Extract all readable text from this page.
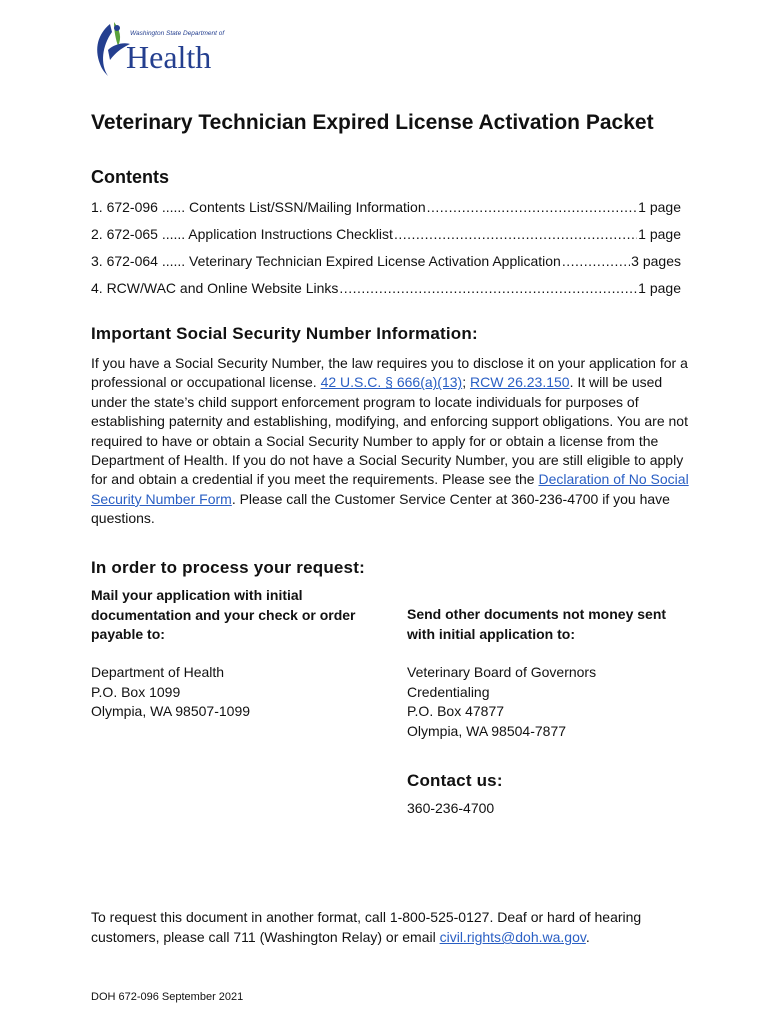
Washington State Department of
Health
Veterinary Technician Expired License Activation Packet
Contents
1. 672-096 ...... Contents List/SSN/Mailing Information .....	1 page
2. 672-065 ...... Application Instructions Checklist .....	1 page
3. 672-064 ...... Veterinary Technician Expired License Activation Application .....	3 pages
4. RCW/WAC and Online Website Links .....	1 page
Important Social Security Number Information:

If you have a Social Security Number, the law requires you to disclose it on your application for a professional or occupational license. 42 U.S.C. § 666(a)(13); RCW 26.23.150. It will be used under the state’s child support enforcement program to locate individuals for purposes of establishing paternity and establishing, modifying, and enforcing support obligations. You are not required to have or obtain a Social Security Number to apply for or obtain a license from the Department of Health. If you do not have a Social Security Number, you are still eligible to apply for and obtain a credential if you meet the requirements. Please see the Declaration of No Social Security Number Form. Please call the Customer Service Center at 360-236-4700 if you have questions.

In order to process your request:

Mail your application with initial documentation and your check or order payable to:

Send other documents not money sent with initial application to:

Department of Health
P.O. Box 1099
Olympia, WA 98507-1099

Veterinary Board of Governors
Credentialing
P.O. Box 47877
Olympia, WA 98504-7877

Contact us:

360-236-4700

To request this document in another format, call 1-800-525-0127. Deaf or hard of hearing customers, please call 711 (Washington Relay) or email civil.rights@doh.wa.gov.

DOH 672-096 September 2021
